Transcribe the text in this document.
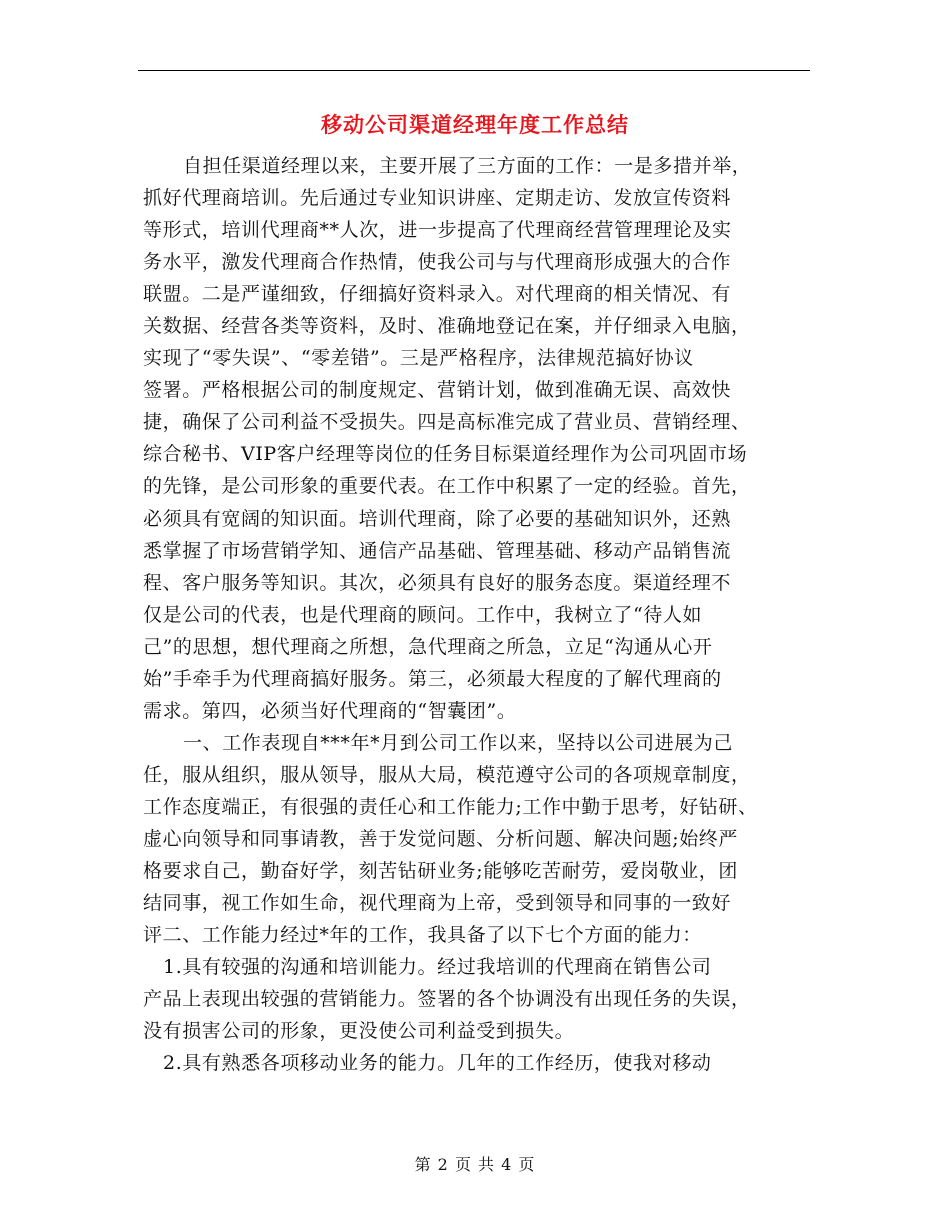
移动公司渠道经理年度工作总结
自担任渠道经理以来，主要开展了三方面的工作：一是多措并举，
抓好代理商培训。先后通过专业知识讲座、定期走访、发放宣传资料
等形式，培训代理商**人次，进一步提高了代理商经营管理理论及实
务水平，激发代理商合作热情，使我公司与与代理商形成强大的合作
联盟。二是严谨细致，仔细搞好资料录入。对代理商的相关情况、有
关数据、经营各类等资料，及时、准确地登记在案，并仔细录入电脑，
实现了“零失误”、“零差错”。三是严格程序，法律规范搞好协议
签署。严格根据公司的制度规定、营销计划，做到准确无误、高效快
捷，确保了公司利益不受损失。四是高标准完成了营业员、营销经理、
综合秘书、VIP客户经理等岗位的任务目标渠道经理作为公司巩固市场
的先锋，是公司形象的重要代表。在工作中积累了一定的经验。首先，
必须具有宽阔的知识面。培训代理商，除了必要的基础知识外，还熟
悉掌握了市场营销学知、通信产品基础、管理基础、移动产品销售流
程、客户服务等知识。其次，必须具有良好的服务态度。渠道经理不
仅是公司的代表，也是代理商的顾问。工作中，我树立了“待人如
己”的思想，想代理商之所想，急代理商之所急，立足“沟通从心开
始”手牵手为代理商搞好服务。第三，必须最大程度的了解代理商的
需求。第四，必须当好代理商的“智囊团”。
一、工作表现自***年*月到公司工作以来，坚持以公司进展为己
任，服从组织，服从领导，服从大局，模范遵守公司的各项规章制度，
工作态度端正，有很强的责任心和工作能力;工作中勤于思考，好钻研、
虚心向领导和同事请教，善于发觉问题、分析问题、解决问题;始终严
格要求自己，勤奋好学，刻苦钻研业务;能够吃苦耐劳，爱岗敬业，团
结同事，视工作如生命，视代理商为上帝，受到领导和同事的一致好
评二、工作能力经过*年的工作，我具备了以下七个方面的能力：
1.具有较强的沟通和培训能力。经过我培训的代理商在销售公司
产品上表现出较强的营销能力。签署的各个协调没有出现任务的失误，
没有损害公司的形象，更没使公司利益受到损失。
2.具有熟悉各项移动业务的能力。几年的工作经历，使我对移动
第 2 页 共 4 页
